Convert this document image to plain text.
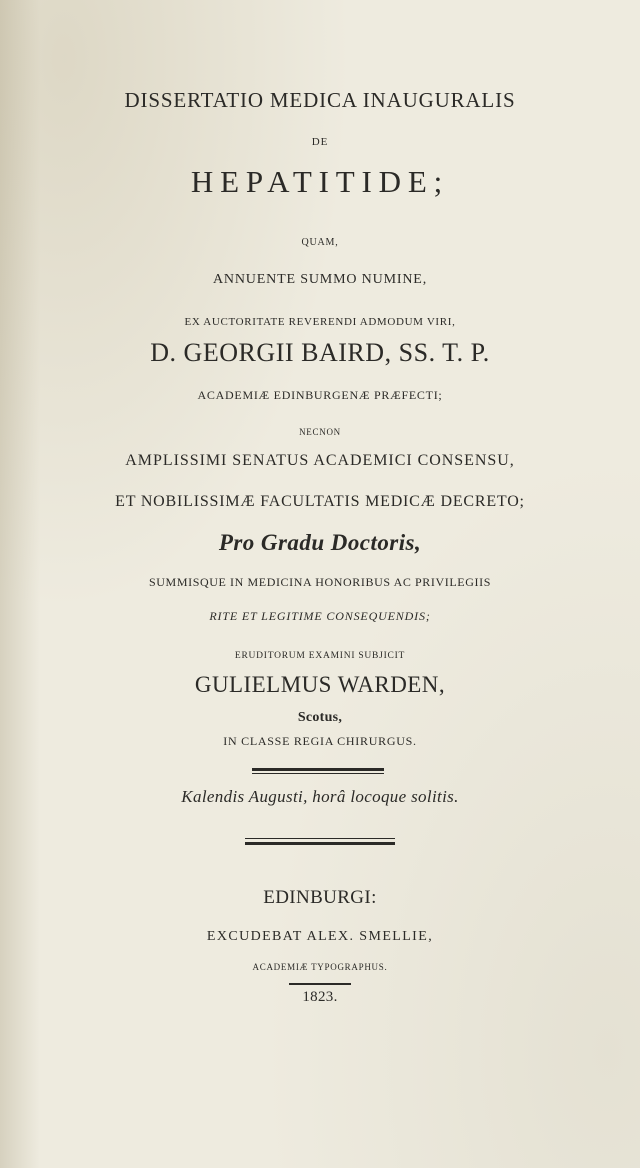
DISSERTATIO MEDICA INAUGURALIS
DE
HEPATITIDE;
QUAM,
ANNUENTE SUMMO NUMINE,
EX AUCTORITATE REVERENDI ADMODUM VIRI,
D. GEORGII BAIRD, SS. T. P.
ACADEMIÆ EDINBURGENÆ PRÆFECTI;
NECNON
AMPLISSIMI SENATUS ACADEMICI CONSENSU,
ET NOBILISSIMÆ FACULTATIS MEDICÆ DECRETO;
Pro Gradu Doctoris,
SUMMISQUE IN MEDICINA HONORIBUS AC PRIVILEGIIS
RITE ET LEGITIME CONSEQUENDIS;
ERUDITORUM EXAMINI SUBJICIT
GULIELMUS WARDEN,
Scotus,
IN CLASSE REGIA CHIRURGUS.
Kalendis Augusti, horâ locoque solitis.
EDINBURGI:
EXCUDEBAT ALEX. SMELLIE,
ACADEMIÆ TYPOGRAPHUS.
1823.
